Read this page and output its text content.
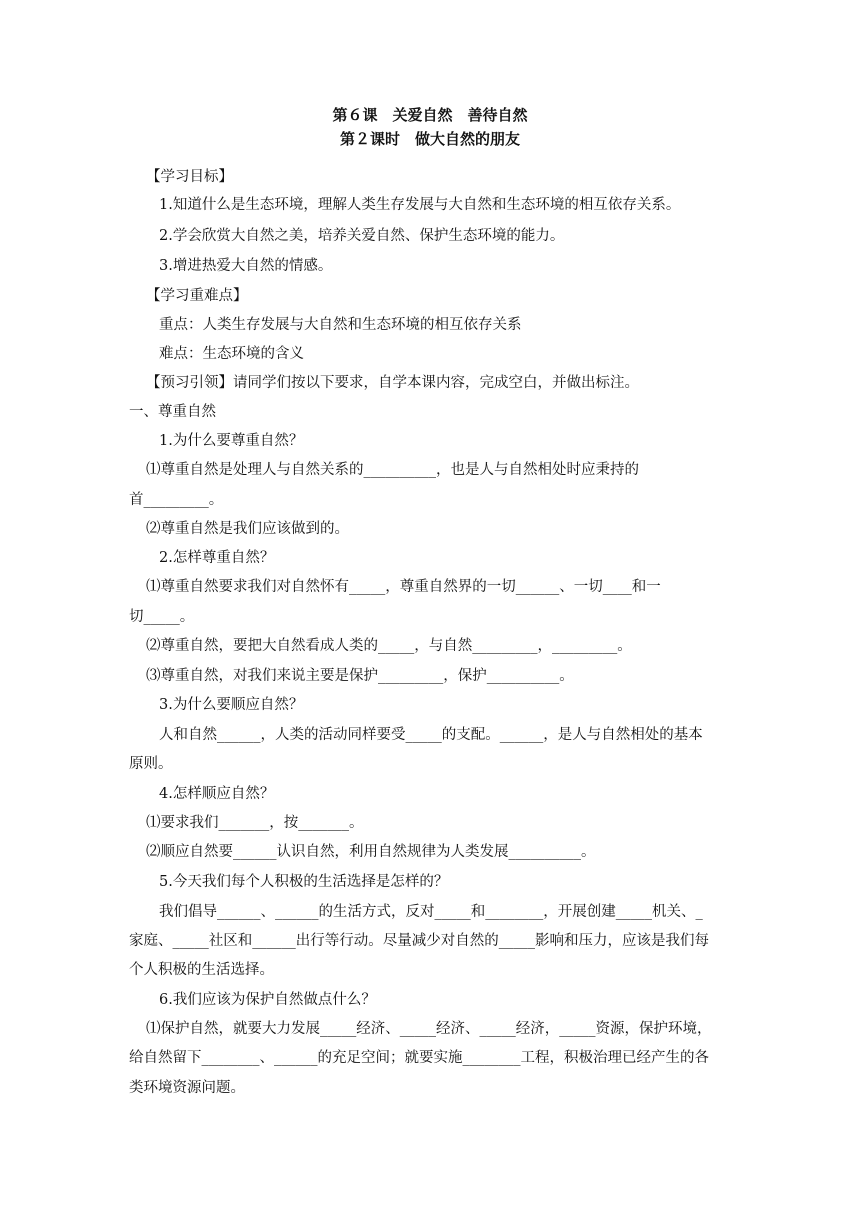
第６课　关爱自然　善待自然
第２课时　做大自然的朋友
【学习目标】
1.知道什么是生态环境，理解人类生存发展与大自然和生态环境的相互依存关系。
2.学会欣赏大自然之美，培养关爱自然、保护生态环境的能力。
3.增进热爱大自然的情感。
【学习重难点】
重点：人类生存发展与大自然和生态环境的相互依存关系
难点：生态环境的含义
【预习引领】请同学们按以下要求，自学本课内容，完成空白，并做出标注。
一、尊重自然
1.为什么要尊重自然？
⑴尊重自然是处理人与自然关系的__________，也是人与自然相处时应秉持的
首_________。
⑵尊重自然是我们应该做到的。
2.怎样尊重自然？
⑴尊重自然要求我们对自然怀有_____，尊重自然界的一切______、一切____和一
切_____。
⑵尊重自然，要把大自然看成人类的_____，与自然_________，_________。
⑶尊重自然，对我们来说主要是保护_________，保护__________。
3.为什么要顺应自然？
人和自然______，人类的活动同样要受_____的支配。______，是人与自然相处的基本
原则。
4.怎样顺应自然？
⑴要求我们_______，按_______。
⑵顺应自然要______认识自然，利用自然规律为人类发展__________。
5.今天我们每个人积极的生活选择是怎样的？
我们倡导______、______的生活方式，反对_____和________，开展创建_____机关、_
家庭、_____社区和______出行等行动。尽量减少对自然的_____影响和压力，应该是我们每
个人积极的生活选择。
6.我们应该为保护自然做点什么？
⑴保护自然，就要大力发展_____经济、_____经济、_____经济，_____资源，保护环境，
给自然留下________、______的充足空间；就要实施________工程，积极治理已经产生的各
类环境资源问题。
